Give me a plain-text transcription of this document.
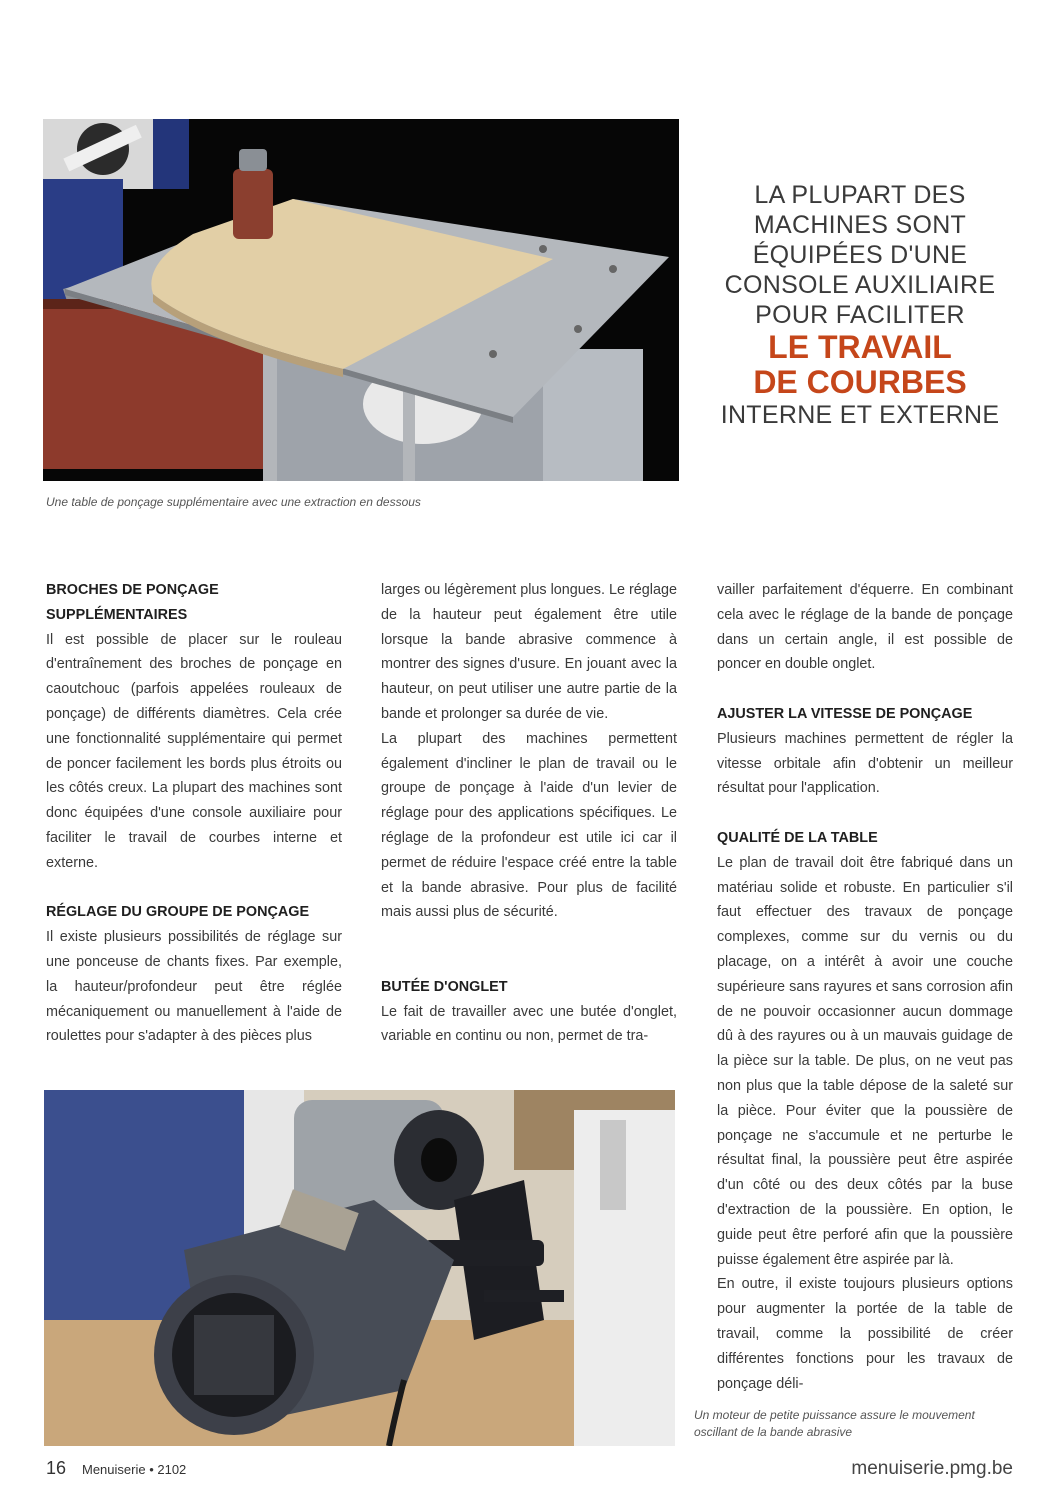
Une table de ponçage supplémentaire avec une extraction en dessous
LA PLUPART DES
MACHINES SONT
ÉQUIPÉES D'UNE
CONSOLE AUXILIAIRE
POUR FACILITER
LE TRAVAIL
DE COURBES
INTERNE ET EXTERNE
BROCHES DE PONÇAGE SUPPLÉMENTAIRES

Il est possible de placer sur le rouleau d'entraînement des broches de ponçage en caoutchouc (parfois appelées rouleaux de ponçage) de différents diamètres. Cela crée une fonctionnalité supplémentaire qui permet de poncer facilement les bords plus étroits ou les côtés creux. La plupart des machines sont donc équipées d'une console auxiliaire pour faciliter le travail de courbes interne et externe.

RÉGLAGE DU GROUPE DE PONÇAGE

Il existe plusieurs possibilités de réglage sur une ponceuse de chants fixes. Par exemple, la hauteur/profondeur peut être réglée mécaniquement ou manuellement à l'aide de roulettes pour s'adapter à des pièces plus

larges ou légèrement plus longues. Le réglage de la hauteur peut également être utile lorsque la bande abrasive commence à montrer des signes d'usure. En jouant avec la hauteur, on peut utiliser une autre partie de la bande et prolonger sa durée de vie.

La plupart des machines permettent également d'incliner le plan de travail ou le groupe de ponçage à l'aide d'un levier de réglage pour des applications spécifiques. Le réglage de la profondeur est utile ici car il permet de réduire l'espace créé entre la table et la bande abrasive. Pour plus de facilité mais aussi plus de sécurité.

BUTÉE D'ONGLET

Le fait de travailler avec une butée d'onglet, variable en continu ou non, permet de tra-

vailler parfaitement d'équerre. En combinant cela avec le réglage de la bande de ponçage dans un certain angle, il est possible de poncer en double onglet.

AJUSTER LA VITESSE DE PONÇAGE

Plusieurs machines permettent de régler la vitesse orbitale afin d'obtenir un meilleur résultat pour l'application.

QUALITÉ DE LA TABLE

Le plan de travail doit être fabriqué dans un matériau solide et robuste. En particulier s'il faut effectuer des travaux de ponçage complexes, comme sur du vernis ou du placage, on a intérêt à avoir une couche supérieure sans rayures et sans corrosion afin de ne pouvoir occasionner aucun dommage dû à des rayures ou à un mauvais guidage de la pièce sur la table. De plus, on ne veut pas non plus que la table dépose de la saleté sur la pièce. Pour éviter que la poussière de ponçage ne s'accumule et ne perturbe le résultat final, la poussière peut être aspirée d'un côté ou des deux côtés par la buse d'extraction de la poussière. En option, le guide peut être perforé afin que la poussière puisse également être aspirée par là.

En outre, il existe toujours plusieurs options pour augmenter la portée de la table de travail, comme la possibilité de créer différentes fonctions pour les travaux de ponçage déli-

Un moteur de petite puissance assure le mouvement oscillant de la bande abrasive
16 Menuiserie • 2102	menuiserie.pmg.be
